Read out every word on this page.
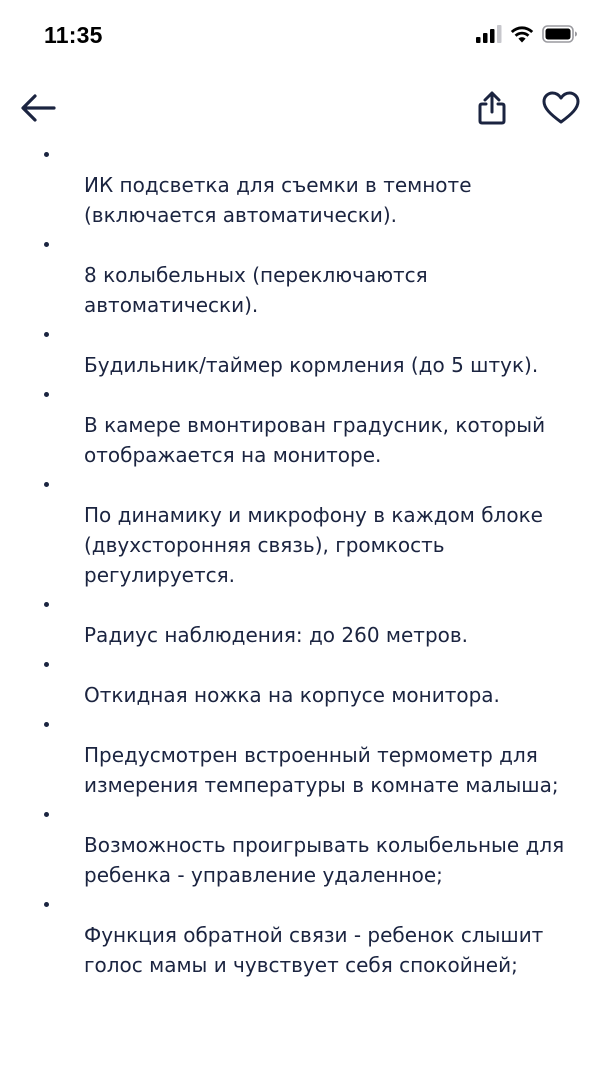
11:35
ИК подсветка для съемки в темноте (включается автоматически).
8 колыбельных (переключаются автоматически).
Будильник/таймер кормления (до 5 штук).
В камере вмонтирован градусник, который отображается на мониторе.
По динамику и микрофону в каждом блоке (двухсторонняя связь), громкость регулируется.
Радиус наблюдения: до 260 метров.
Откидная ножка на корпусе монитора.
Предусмотрен встроенный термометр для измерения температуры в комнате малыша;
Возможность проигрывать колыбельные для ребенка - управление удаленное;
Функция обратной связи - ребенок слышит голос мамы и чувствует себя спокойней;
